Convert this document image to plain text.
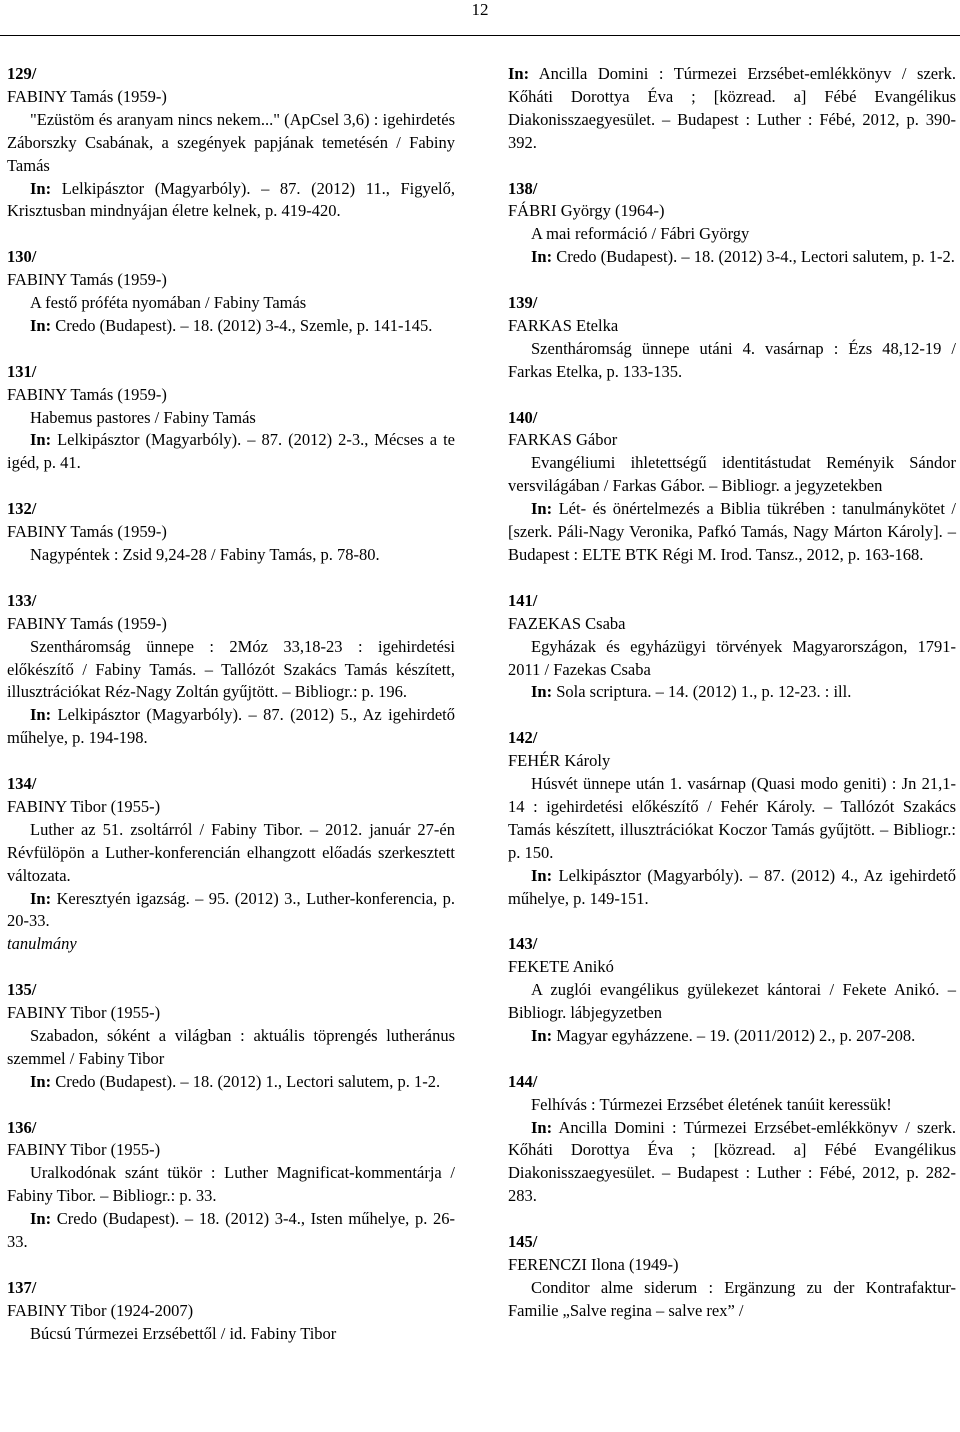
12
129/
FABINY Tamás (1959-)
"Ezüstöm és aranyam nincs nekem..." (ApCsel 3,6) : igehirdetés Záborszky Csabának, a szegények papjának temetésén / Fabiny Tamás
In: Lelkipásztor (Magyarbóly). – 87. (2012) 11., Figyelő, Krisztusban mindnyájan életre kelnek, p. 419-420.
130/
FABINY Tamás (1959-)
A festő próféta nyomában / Fabiny Tamás
In: Credo (Budapest). – 18. (2012) 3-4., Szemle, p. 141-145.
131/
FABINY Tamás (1959-)
Habemus pastores / Fabiny Tamás
In: Lelkipásztor (Magyarbóly). – 87. (2012) 2-3., Mécses a te igéd, p. 41.
132/
FABINY Tamás (1959-)
Nagypéntek : Zsid 9,24-28 / Fabiny Tamás, p. 78-80.
133/
FABINY Tamás (1959-)
Szentháromság ünnepe : 2Móz 33,18-23 : igehirdetési előkészítő / Fabiny Tamás. – Tallózót Szakács Tamás készített, illusztrációkat Réz-Nagy Zoltán gyűjtött. – Bibliogr.: p. 196.
In: Lelkipásztor (Magyarbóly). – 87. (2012) 5., Az igehirdető műhelye, p. 194-198.
134/
FABINY Tibor (1955-)
Luther az 51. zsoltárról / Fabiny Tibor. – 2012. január 27-én Révfülöpön a Luther-konferencián elhangzott előadás szerkesztett változata.
In: Keresztyén igazság. – 95. (2012) 3., Luther-konferencia, p. 20-33.
tanulmány
135/
FABINY Tibor (1955-)
Szabadon, sóként a világban : aktuális töprengés lutheránus szemmel / Fabiny Tibor
In: Credo (Budapest). – 18. (2012) 1., Lectori salutem, p. 1-2.
136/
FABINY Tibor (1955-)
Uralkodónak szánt tükör : Luther Magnificat-kommentárja / Fabiny Tibor. – Bibliogr.: p. 33.
In: Credo (Budapest). – 18. (2012) 3-4., Isten műhelye, p. 26-33.
137/
FABINY Tibor (1924-2007)
Búcsú Túrmezei Erzsébettől / id. Fabiny Tibor
In: Ancilla Domini : Túrmezei Erzsébet-emlékkönyv / szerk. Kőháti Dorottya Éva ; [közread. a] Fébé Evangélikus Diakonisszaegyesület. – Budapest : Luther : Fébé, 2012, p. 390-392.
138/
FÁBRI György (1964-)
A mai reformáció / Fábri György
In: Credo (Budapest). – 18. (2012) 3-4., Lectori salutem, p. 1-2.
139/
FARKAS Etelka
Szentháromság ünnepe utáni 4. vasárnap : Ézs 48,12-19 / Farkas Etelka, p. 133-135.
140/
FARKAS Gábor
Evangéliumi ihletettségű identitástudat Reményik Sándor versvilágában / Farkas Gábor. – Bibliogr. a jegyzetekben
In: Lét- és önértelmezés a Biblia tükrében : tanulmánykötet / [szerk. Páli-Nagy Veronika, Pafkó Tamás, Nagy Márton Károly]. – Budapest : ELTE BTK Régi M. Irod. Tansz., 2012, p. 163-168.
141/
FAZEKAS Csaba
Egyházak és egyházügyi törvények Magyarországon, 1791-2011 / Fazekas Csaba
In: Sola scriptura. – 14. (2012) 1., p. 12-23. : ill.
142/
FEHÉR Károly
Húsvét ünnepe után 1. vasárnap (Quasi modo geniti) : Jn 21,1-14 : igehirdetési előkészítő / Fehér Károly. – Tallózót Szakács Tamás készített, illusztrációkat Koczor Tamás gyűjtött. – Bibliogr.: p. 150.
In: Lelkipásztor (Magyarbóly). – 87. (2012) 4., Az igehirdető műhelye, p. 149-151.
143/
FEKETE Anikó
A zuglói evangélikus gyülekezet kántorai / Fekete Anikó. – Bibliogr. lábjegyzetben
In: Magyar egyházzene. – 19. (2011/2012) 2., p. 207-208.
144/
Felhívás : Túrmezei Erzsébet életének tanúit keressük!
In: Ancilla Domini : Túrmezei Erzsébet-emlékkönyv / szerk. Kőháti Dorottya Éva ; [közread. a] Fébé Evangélikus Diakonisszaegyesület. – Budapest : Luther : Fébé, 2012, p. 282-283.
145/
FERENCZI Ilona (1949-)
Conditor alme siderum : Ergänzung zu der Kontrafaktur-Familie „Salve regina – salve rex” /
